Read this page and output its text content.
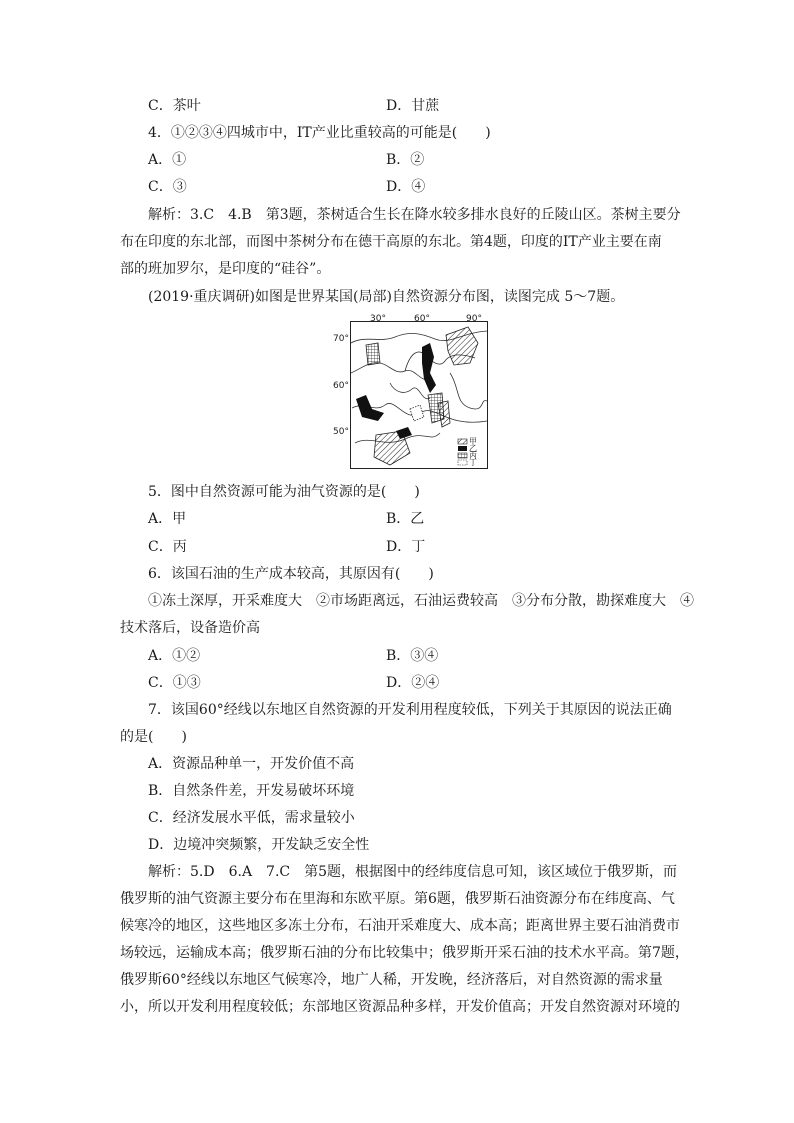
C．茶叶	D．甘蔗
4．①②③④四城市中，IT产业比重较高的可能是(　　)
A．①	B．②
C．③	D．④
解析：3.C　4.B　第3题，茶树适合生长在降水较多排水良好的丘陵山区。茶树主要分
布在印度的东北部，而图中茶树分布在德干高原的东北。第4题，印度的IT产业主要在南
部的班加罗尔，是印度的“硅谷”。
(2019·重庆调研)如图是世界某国(局部)自然资源分布图，读图完成 5～7题。
30°	60°	90°
70°
60°
50°
甲
乙
丙
丁
5．图中自然资源可能为油气资源的是(　　)
A．甲	B．乙
C．丙	D．丁
6．该国石油的生产成本较高，其原因有(　　)
①冻土深厚，开采难度大　②市场距离远，石油运费较高　③分布分散，勘探难度大　④
技术落后，设备造价高
A．①②	B．③④
C．①③	D．②④
7．该国60°经线以东地区自然资源的开发利用程度较低，下列关于其原因的说法正确
的是(　　)
A．资源品种单一，开发价值不高
B．自然条件差，开发易破坏环境
C．经济发展水平低，需求量较小
D．边境冲突频繁，开发缺乏安全性
解析：5.D　6.A　7.C　第5题，根据图中的经纬度信息可知，该区域位于俄罗斯，而
俄罗斯的油气资源主要分布在里海和东欧平原。第6题，俄罗斯石油资源分布在纬度高、气
候寒冷的地区，这些地区多冻土分布，石油开采难度大、成本高；距离世界主要石油消费市
场较远，运输成本高；俄罗斯石油的分布比较集中；俄罗斯开采石油的技术水平高。第7题，
俄罗斯60°经线以东地区气候寒冷，地广人稀，开发晚，经济落后，对自然资源的需求量
小，所以开发利用程度较低；东部地区资源品种多样，开发价值高；开发自然资源对环境的
